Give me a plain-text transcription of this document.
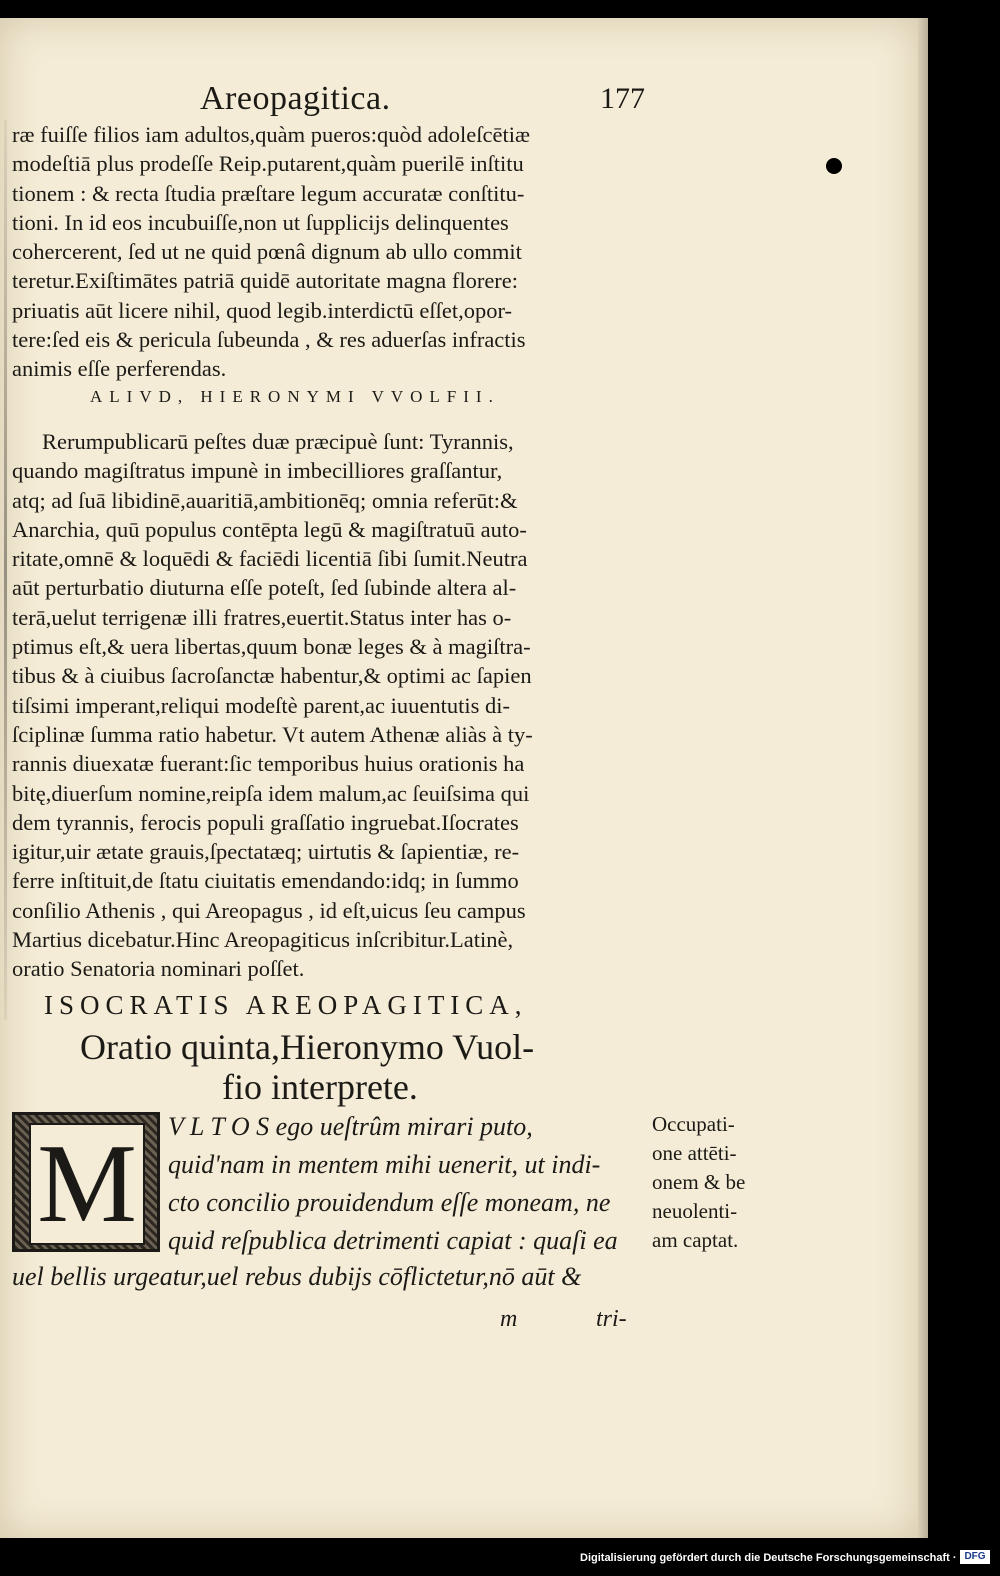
Areopagitica.	177
ræ fuiſſe filios iam adultos,quàm pueros:quòd adoleſcētiæ
modeſtiā plus prodeſſe Reip.putarent,quàm puerilē inſtitu
tionem : & recta ſtudia præſtare legum accuratæ conſtitu-
tioni. In id eos incubuiſſe,non ut ſupplicijs delinquentes
cohercerent, ſed ut ne quid pœnâ dignum ab ullo commit
teretur.Exiſtimātes patriā quidē autoritate magna florere:
priuatis aūt licere nihil, quod legib.interdictū eſſet,opor-
tere:ſed eis & pericula ſubeunda , & res aduerſas infractis
animis eſſe perferendas.
ALIVD, HIERONYMI VVOLFII.
Rerumpublicarū peſtes duæ præcipuè ſunt: Tyrannis,
quando magiſtratus impunè in imbecilliores graſſantur,
atq; ad ſuā libidinē,auaritiā,ambitionēq; omnia referūt:&
Anarchia, quū populus contēpta legū & magiſtratuū auto-
ritate,omnē & loquēdi & faciēdi licentiā ſibi ſumit.Neutra
aūt perturbatio diuturna eſſe poteſt, ſed ſubinde altera al-
terā,uelut terrigenæ illi fratres,euertit.Status inter has o-
ptimus eſt,& uera libertas,quum bonæ leges & à magiſtra-
tibus & à ciuibus ſacroſanctæ habentur,& optimi ac ſapien
tiſsimi imperant,reliqui modeſtè parent,ac iuuentutis di-
ſciplinæ ſumma ratio habetur. Vt autem Athenæ aliàs à ty-
rannis diuexatæ fuerant:ſic temporibus huius orationis ha
bitę,diuerſum nomine,reipſa idem malum,ac ſeuiſsima qui
dem tyrannis, ferocis populi graſſatio ingruebat.Iſocrates
igitur,uir ætate grauis,ſpectatæq; uirtutis & ſapientiæ, re-
ferre inſtituit,de ſtatu ciuitatis emendando:idq; in ſummo
conſilio Athenis , qui Areopagus , id eſt,uicus ſeu campus
Martius dicebatur.Hinc Areopagiticus inſcribitur.Latinè,
oratio Senatoria nominari poſſet.
ISOCRATIS AREOPAGITICA,
Oratio quinta,Hieronymo Vuol-
fio interprete.
M	V L T O S ego ueſtrûm mirari puto,
quid'nam in mentem mihi uenerit, ut indi-
cto concilio prouidendum eſſe moneam, ne
quid reſpublica detrimenti capiat : quaſi ea
uel bellis urgeatur,uel rebus dubijs cōflictetur,nō aūt &
m	tri-
Occupati-
one attēti-
onem & be
neuolenti-
am captat.
Digitalisierung gefördert durch die Deutsche Forschungsgemeinschaft · DFG
